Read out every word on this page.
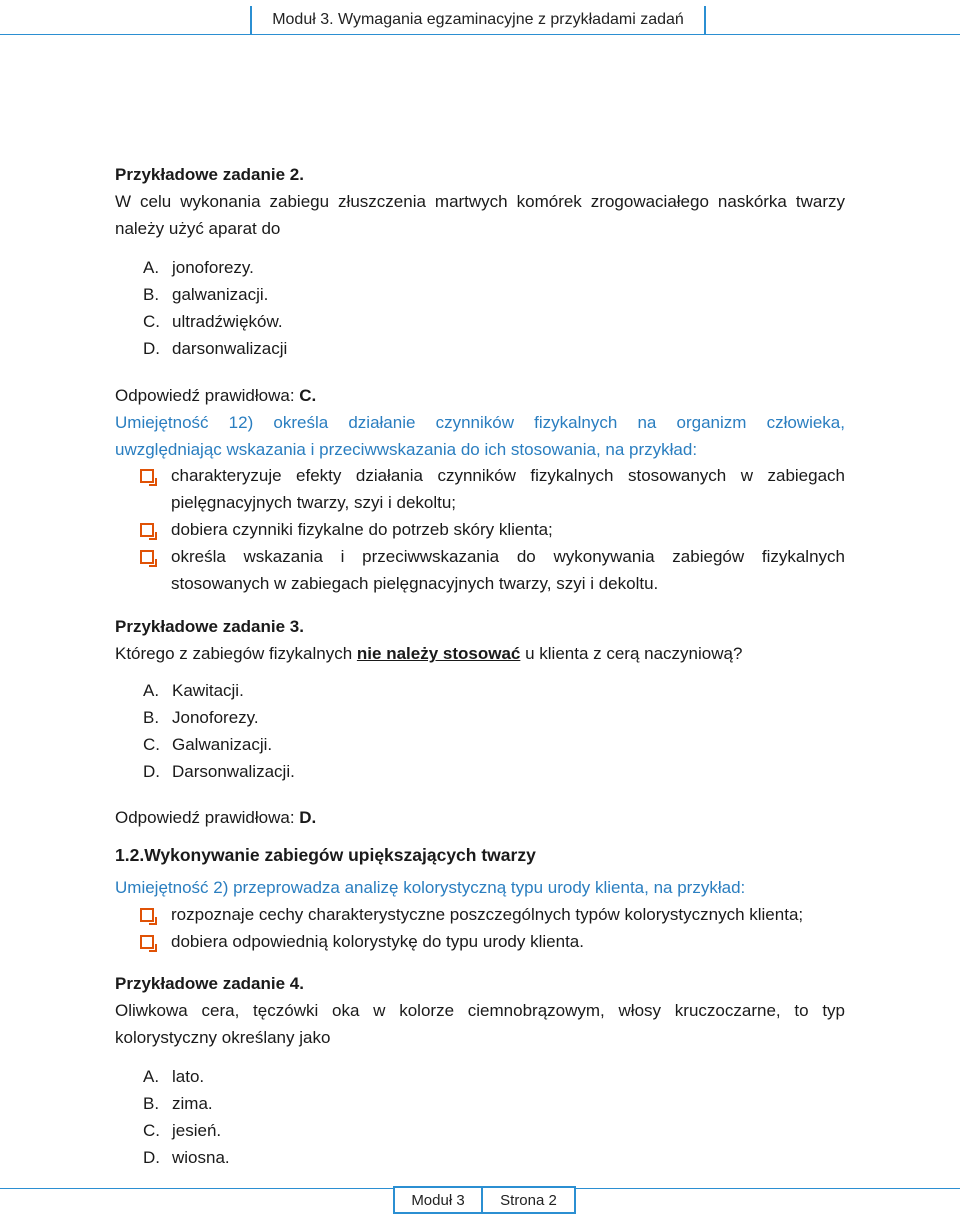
Moduł 3. Wymagania egzaminacyjne z przykładami zadań
Przykładowe zadanie 2.
W celu wykonania zabiegu złuszczenia martwych komórek zrogowaciałego naskórka twarzy
należy użyć aparat do
A. jonoforezy.
B. galwanizacji.
C. ultradźwięków.
D. darsonwalizacji
Odpowiedź prawidłowa: C.
Umiejętność 12) określa działanie czynników fizykalnych na organizm człowieka,
uwzględniając wskazania i przeciwwskazania do ich stosowania, na przykład:
charakteryzuje efekty działania czynników fizykalnych stosowanych w zabiegach
pielęgnacyjnych twarzy, szyi i dekoltu;
dobiera czynniki fizykalne do potrzeb skóry klienta;
określa wskazania i przeciwwskazania do wykonywania zabiegów fizykalnych
stosowanych w zabiegach pielęgnacyjnych twarzy, szyi i dekoltu.
Przykładowe zadanie 3.
Którego z zabiegów fizykalnych nie należy stosować u klienta z cerą naczyniową?
A. Kawitacji.
B. Jonoforezy.
C. Galwanizacji.
D. Darsonwalizacji.
Odpowiedź prawidłowa: D.
1.2.Wykonywanie zabiegów upiększających twarzy
Umiejętność 2) przeprowadza analizę kolorystyczną typu urody klienta, na przykład:
rozpoznaje cechy charakterystyczne poszczególnych typów kolorystycznych klienta;
dobiera odpowiednią kolorystykę do typu urody klienta.
Przykładowe zadanie 4.
Oliwkowa cera, tęczówki oka w kolorze ciemnobrązowym, włosy kruczoczarne, to typ
kolorystyczny określany jako
A. lato.
B. zima.
C. jesień.
D. wiosna.
Moduł 3	Strona 2
